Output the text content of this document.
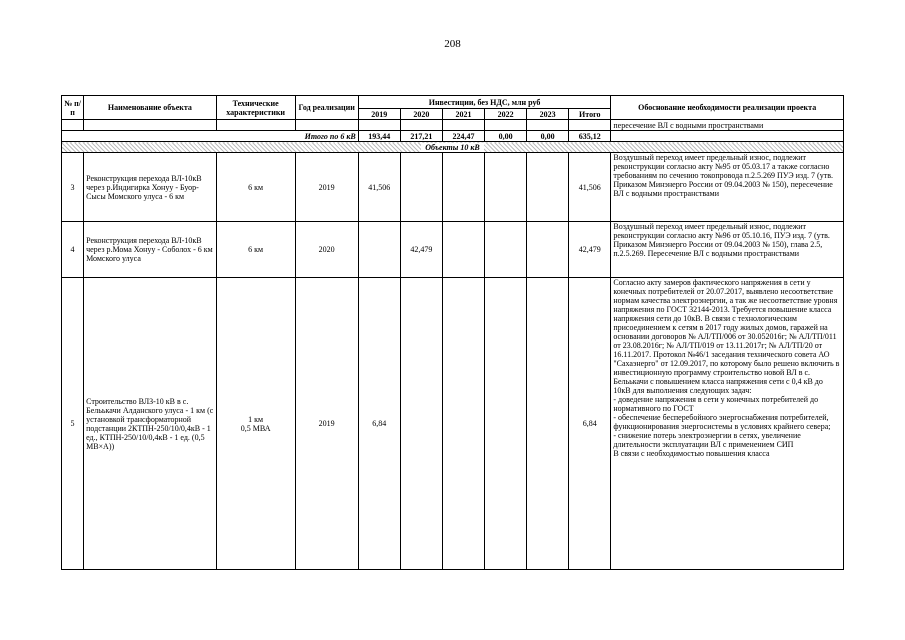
208
№ п/п	Наименование объекта	Технические характеристики	Год реализации	Инвестиции, без НДС, млн руб						Обоснование необходимости реализации проекта
				2019	2020	2021	2022	2023	Итого	
										пересечение ВЛ с водными пространствами
Итого по 6 кВ				193,44	217,21	224,47	0,00	0,00	635,12	
Объекты 10 кВ										
3	Реконструкция перехода ВЛ-10кВ через р.Индигирка Хонуу - Буор-Сысы Момского улуса - 6 км	6 км	2019	41,506					41,506	Воздушный переход имеет предельный износ, подлежит реконструкции согласно акту №95 от 05.03.17 а также согласно требованиям по сечению токопровода п.2.5.269 ПУЭ изд. 7 (утв. Приказом Минэнерго России от 09.04.2003 № 150), пересечение ВЛ с водными пространствами
4	Реконструкция перехода ВЛ-10кВ через р.Мома Хонуу - Соболох - 6 км Момского улуса	6 км	2020		42,479				42,479	Воздушный переход имеет предельный износ, подлежит реконструкции согласно акту №96 от 05.10.16, ПУЭ изд. 7 (утв. Приказом Минэнерго России от 09.04.2003 № 150), глава 2.5, п.2.5.269. Пересечение ВЛ с водными пространствами
5	Строительство ВЛЗ-10 кВ в с. Бельькачи Алданского улуса - 1 км (с установкой трансформаторной подстанции 2КТПН-250/10/0,4кВ - 1 ед., КТПН-250/10/0,4кВ - 1 ед. (0,5 МВ×А))	1 км
0,5 МВА	2019	6,84					6,84	Согласно акту замеров фактического напряжения в сети у конечных потребителей от 20.07.2017, выявлено несоответствие нормам качества электроэнергии, а так же несоответствие уровня напряжения по ГОСТ 32144-2013. Требуется повышение класса напряжения сети до 10кВ. В связи с технологическим присоединением к сетям в 2017 году жилых домов, гаражей на основании договоров № АЛ/ТП/006 от 30.052016г; № АЛ/ТП/011 от 23.08.2016г; № АЛ/ТП/019 от 13.11.2017г; № АЛ/ТП/20 от 16.11.2017. Протокол №46/1 заседания технического совета АО "Сахаэнерго" от 12.09.2017, по которому было решено включить в инвестиционную программу строительство новой ВЛ в с. Бельькачи с повышением класса напряжения сети с 0,4 кВ до 10кВ для выполнения следующих задач:
- доведение напряжения в сети у конечных потребителей до нормативного по ГОСТ
- обеспечение бесперебойного энергоснабжения потребителей, функционирования энергосистемы в условиях крайнего севера;
- снижение потерь электроэнергии в сетях, увеличение длительности эксплуатации ВЛ с применением СИП
В связи с необходимостью повышения класса
